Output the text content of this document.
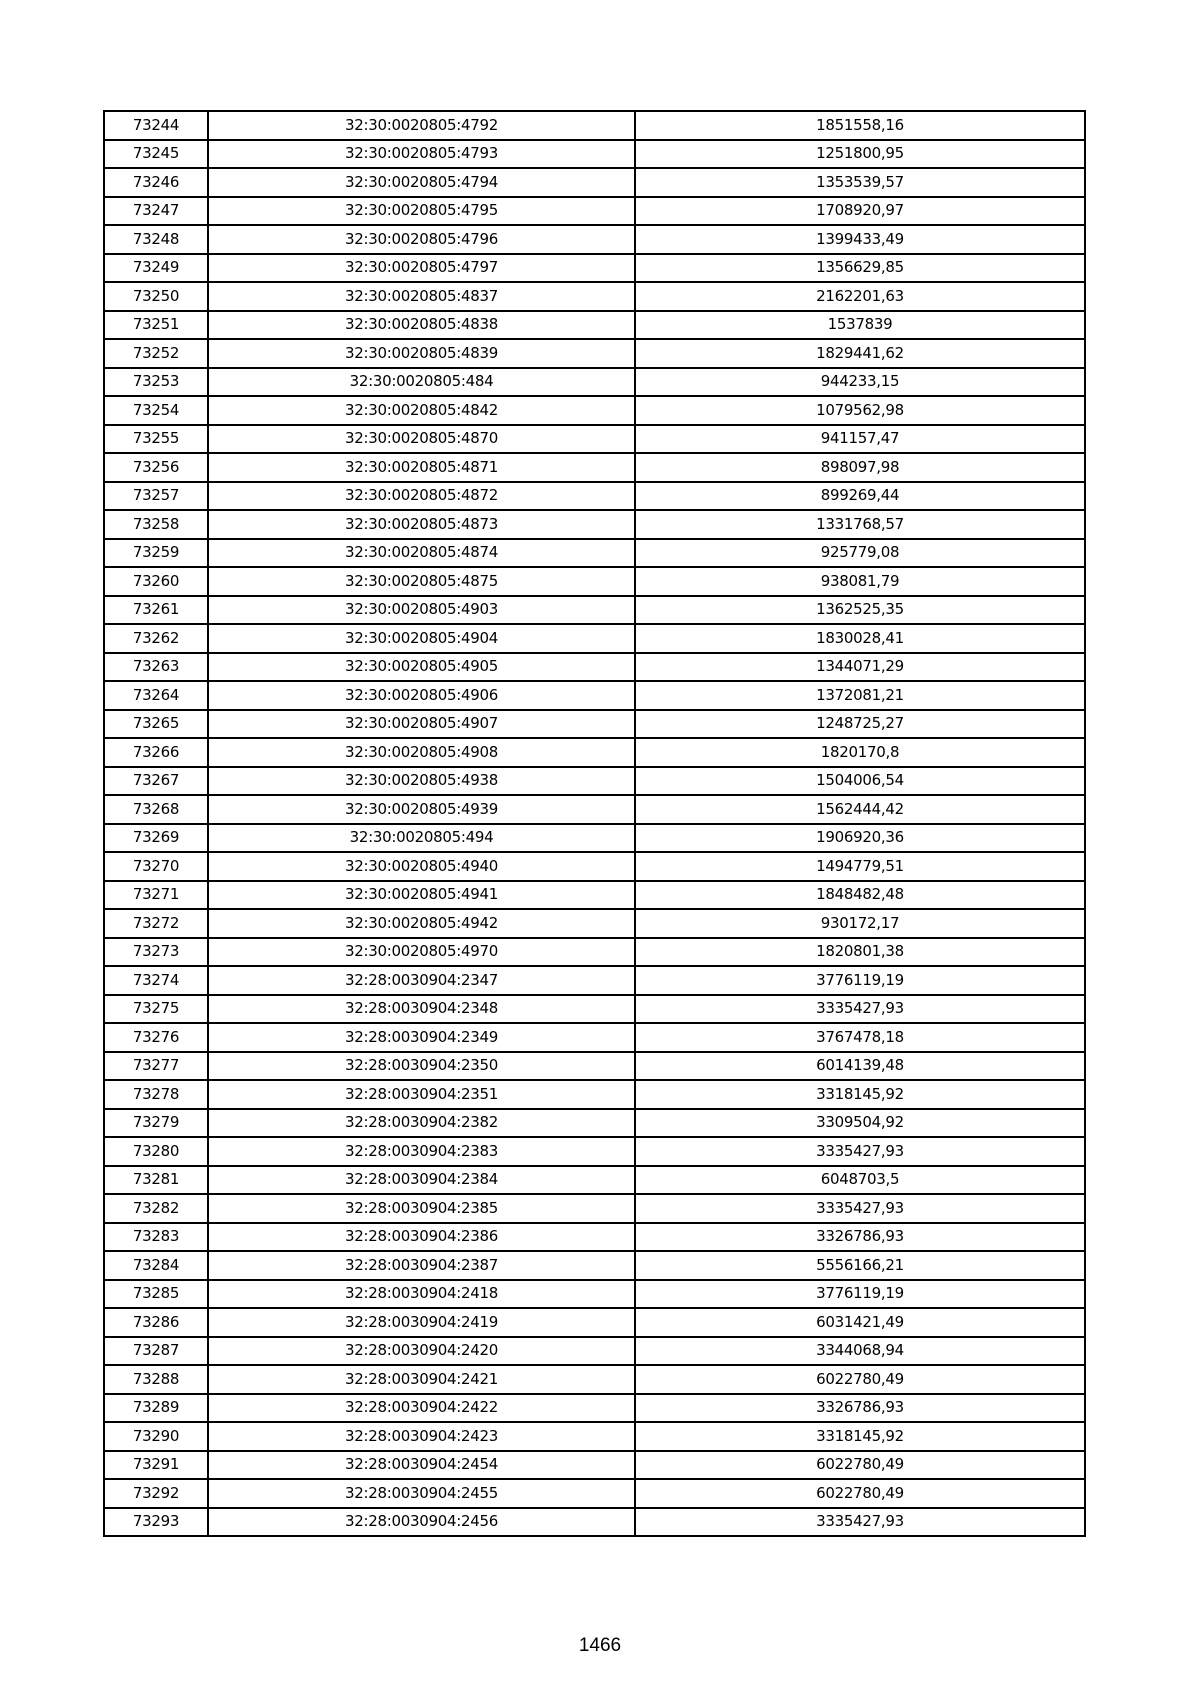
73244	32:30:0020805:4792	1851558,16
73245	32:30:0020805:4793	1251800,95
73246	32:30:0020805:4794	1353539,57
73247	32:30:0020805:4795	1708920,97
73248	32:30:0020805:4796	1399433,49
73249	32:30:0020805:4797	1356629,85
73250	32:30:0020805:4837	2162201,63
73251	32:30:0020805:4838	1537839
73252	32:30:0020805:4839	1829441,62
73253	32:30:0020805:484	944233,15
73254	32:30:0020805:4842	1079562,98
73255	32:30:0020805:4870	941157,47
73256	32:30:0020805:4871	898097,98
73257	32:30:0020805:4872	899269,44
73258	32:30:0020805:4873	1331768,57
73259	32:30:0020805:4874	925779,08
73260	32:30:0020805:4875	938081,79
73261	32:30:0020805:4903	1362525,35
73262	32:30:0020805:4904	1830028,41
73263	32:30:0020805:4905	1344071,29
73264	32:30:0020805:4906	1372081,21
73265	32:30:0020805:4907	1248725,27
73266	32:30:0020805:4908	1820170,8
73267	32:30:0020805:4938	1504006,54
73268	32:30:0020805:4939	1562444,42
73269	32:30:0020805:494	1906920,36
73270	32:30:0020805:4940	1494779,51
73271	32:30:0020805:4941	1848482,48
73272	32:30:0020805:4942	930172,17
73273	32:30:0020805:4970	1820801,38
73274	32:28:0030904:2347	3776119,19
73275	32:28:0030904:2348	3335427,93
73276	32:28:0030904:2349	3767478,18
73277	32:28:0030904:2350	6014139,48
73278	32:28:0030904:2351	3318145,92
73279	32:28:0030904:2382	3309504,92
73280	32:28:0030904:2383	3335427,93
73281	32:28:0030904:2384	6048703,5
73282	32:28:0030904:2385	3335427,93
73283	32:28:0030904:2386	3326786,93
73284	32:28:0030904:2387	5556166,21
73285	32:28:0030904:2418	3776119,19
73286	32:28:0030904:2419	6031421,49
73287	32:28:0030904:2420	3344068,94
73288	32:28:0030904:2421	6022780,49
73289	32:28:0030904:2422	3326786,93
73290	32:28:0030904:2423	3318145,92
73291	32:28:0030904:2454	6022780,49
73292	32:28:0030904:2455	6022780,49
73293	32:28:0030904:2456	3335427,93
1466
